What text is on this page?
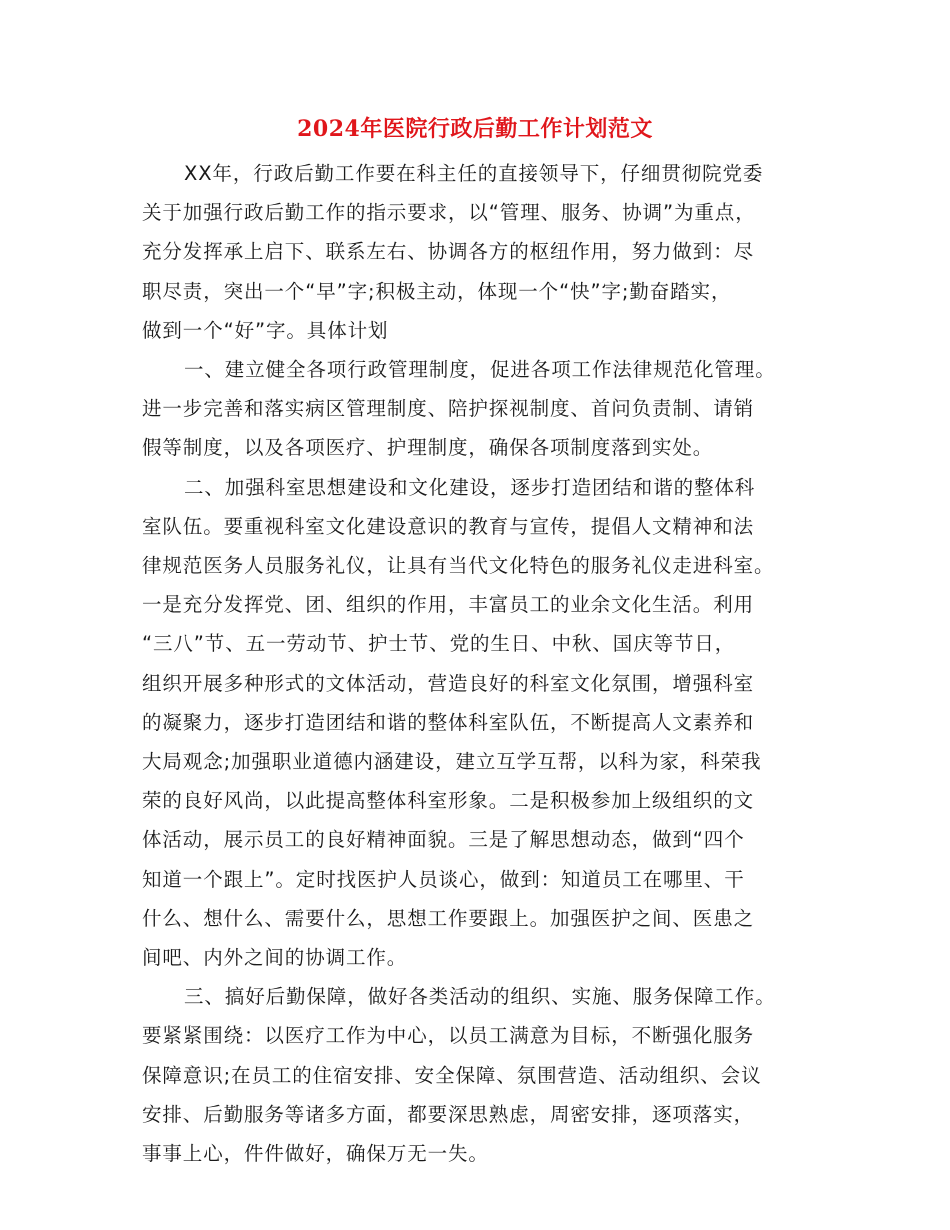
2024年医院行政后勤工作计划范文

XX年，行政后勤工作要在科主任的直接领导下，仔细贯彻院党委
关于加强行政后勤工作的指示要求，以“管理、服务、协调”为重点，
充分发挥承上启下、联系左右、协调各方的枢纽作用，努力做到：尽
职尽责，突出一个“早”字;积极主动，体现一个“快”字;勤奋踏实，
做到一个“好”字。具体计划

一、建立健全各项行政管理制度，促进各项工作法律规范化管理。
进一步完善和落实病区管理制度、陪护探视制度、首问负责制、请销
假等制度，以及各项医疗、护理制度，确保各项制度落到实处。

二、加强科室思想建设和文化建设，逐步打造团结和谐的整体科
室队伍。要重视科室文化建设意识的教育与宣传，提倡人文精神和法
律规范医务人员服务礼仪，让具有当代文化特色的服务礼仪走进科室。
一是充分发挥党、团、组织的作用，丰富员工的业余文化生活。利用
“三八”节、五一劳动节、护士节、党的生日、中秋、国庆等节日，
组织开展多种形式的文体活动，营造良好的科室文化氛围，增强科室
的凝聚力，逐步打造团结和谐的整体科室队伍，不断提高人文素养和
大局观念;加强职业道德内涵建设，建立互学互帮，以科为家，科荣我
荣的良好风尚，以此提高整体科室形象。二是积极参加上级组织的文
体活动，展示员工的良好精神面貌。三是了解思想动态，做到“四个
知道一个跟上”。定时找医护人员谈心，做到：知道员工在哪里、干
什么、想什么、需要什么，思想工作要跟上。加强医护之间、医患之
间吧、内外之间的协调工作。

三、搞好后勤保障，做好各类活动的组织、实施、服务保障工作。
要紧紧围绕：以医疗工作为中心，以员工满意为目标，不断强化服务
保障意识;在员工的住宿安排、安全保障、氛围营造、活动组织、会议
安排、后勤服务等诸多方面，都要深思熟虑，周密安排，逐项落实，
事事上心，件件做好，确保万无一失。
